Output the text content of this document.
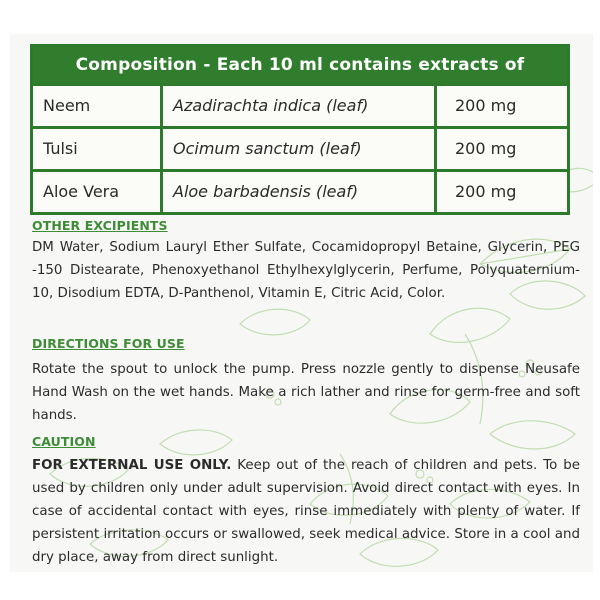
Composition - Each 10 ml contains extracts of
Neem	Azadirachta indica (leaf)	200 mg
Tulsi	Ocimum sanctum (leaf)	200 mg
Aloe Vera	Aloe barbadensis (leaf)	200 mg
OTHER EXCIPIENTS
DM Water, Sodium Lauryl Ether Sulfate, Cocamidopropyl Betaine, Glycerin, PEG -150 Distearate, Phenoxyethanol Ethylhexylglycerin, Perfume, Polyquaternium-10, Disodium EDTA, D-Panthenol, Vitamin E, Citric Acid, Color.
DIRECTIONS FOR USE
Rotate the spout to unlock the pump. Press nozzle gently to dispense Neusafe Hand Wash on the wet hands. Make a rich lather and rinse for germ-free and soft hands.
CAUTION
FOR EXTERNAL USE ONLY. Keep out of the reach of children and pets. To be used by children only under adult supervision. Avoid direct contact with eyes. In case of accidental contact with eyes, rinse immediately with plenty of water. If persistent irritation occurs or swallowed, seek medical advice. Store in a cool and dry place, away from direct sunlight.
